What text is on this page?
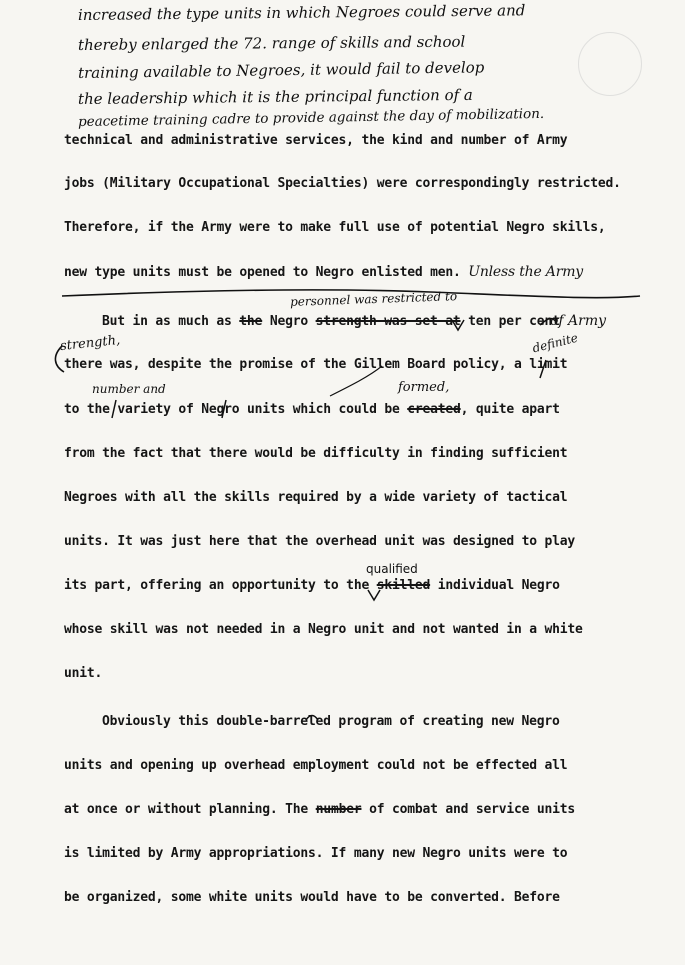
increased the type units in which Negroes could serve and
thereby enlarged the 72. range of skills and school
training available to Negroes, it would fail to develop
the leadership which it is the principal function of a
peacetime training cadre to provide against the day of mobilization.
technical and administrative services, the kind and number of Army
jobs (Military Occupational Specialties) were correspondingly restricted.
Therefore, if the Army were to make full use of potential Negro skills,
new type units must be opened to Negro enlisted men. Unless the Army
personnel was restricted to
But in as much as the Negro strength was set at ten per cent
of Army
strength,	definite
there was, despite the promise of the Gillem Board policy, a limit
number and	formed,
to the variety of Negro units which could be created, quite apart
from the fact that there would be difficulty in finding sufficient
Negroes with all the skills required by a wide variety of tactical
units. It was just here that the overhead unit was designed to play
qualified
its part, offering an opportunity to the skilled individual Negro
whose skill was not needed in a Negro unit and not wanted in a white
unit.
Obviously this double-barreled program of creating new Negro
units and opening up overhead employment could not be effected all
at once or without planning. The number of combat and service units
is limited by Army appropriations. If many new Negro units were to
be organized, some white units would have to be converted. Before
